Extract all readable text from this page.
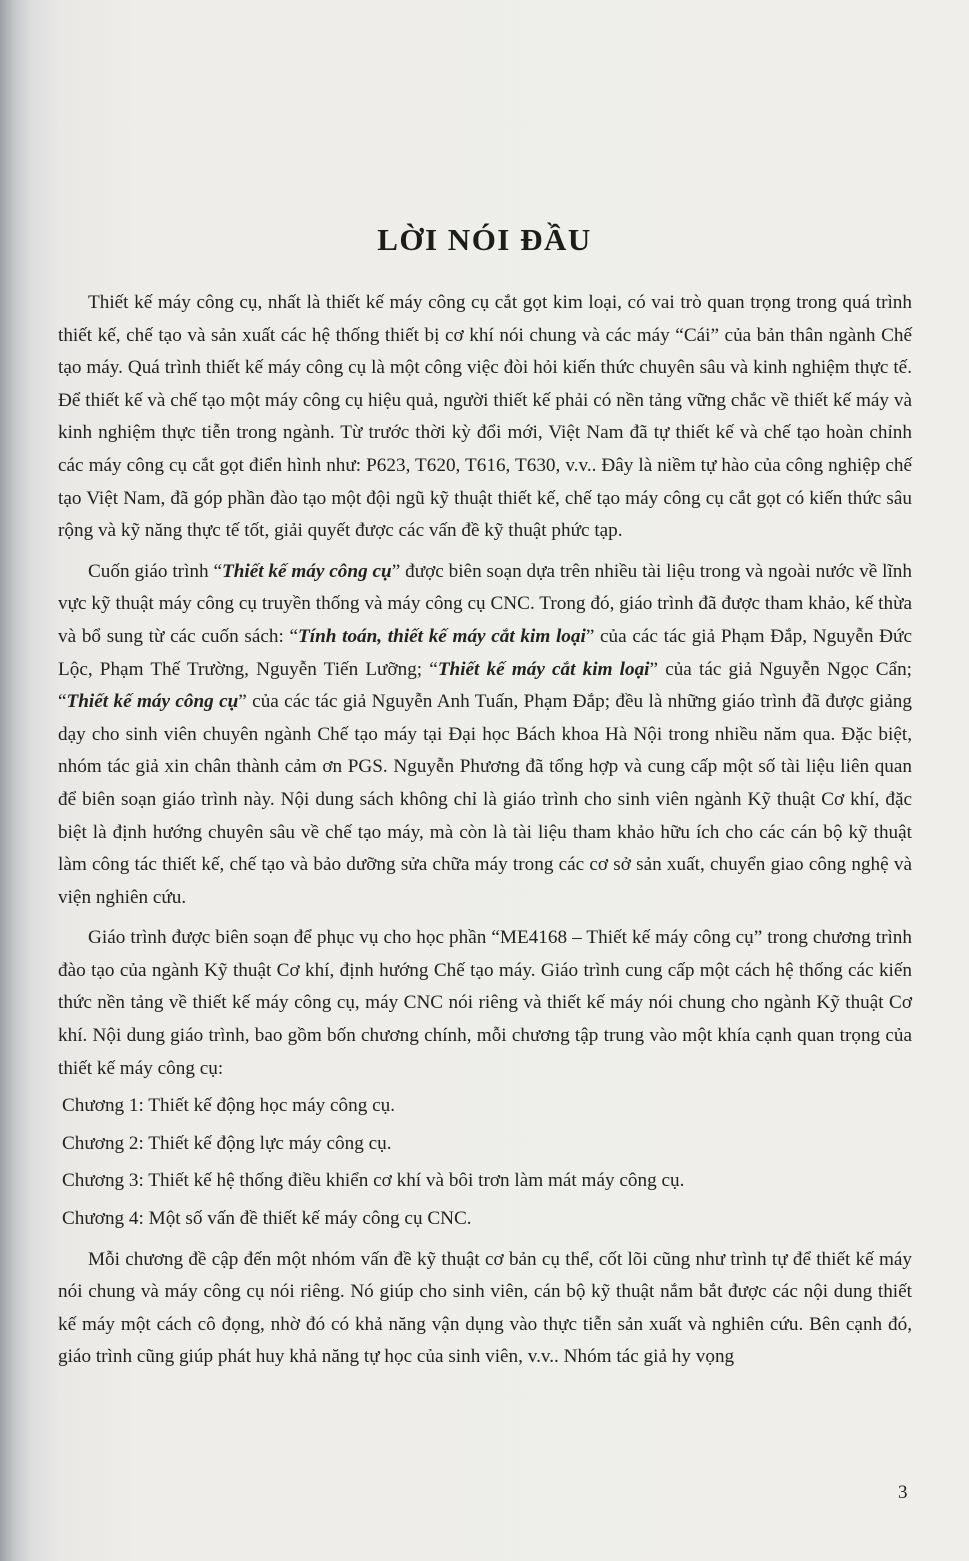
LỜI NÓI ĐẦU

Thiết kế máy công cụ, nhất là thiết kế máy công cụ cắt gọt kim loại, có vai trò quan trọng trong quá trình thiết kế, chế tạo và sản xuất các hệ thống thiết bị cơ khí nói chung và các máy “Cái” của bản thân ngành Chế tạo máy. Quá trình thiết kế máy công cụ là một công việc đòi hỏi kiến thức chuyên sâu và kinh nghiệm thực tế. Để thiết kế và chế tạo một máy công cụ hiệu quả, người thiết kế phải có nền tảng vững chắc về thiết kế máy và kinh nghiệm thực tiễn trong ngành. Từ trước thời kỳ đổi mới, Việt Nam đã tự thiết kế và chế tạo hoàn chỉnh các máy công cụ cắt gọt điển hình như: P623, T620, T616, T630, v.v.. Đây là niềm tự hào của công nghiệp chế tạo Việt Nam, đã góp phần đào tạo một đội ngũ kỹ thuật thiết kế, chế tạo máy công cụ cắt gọt có kiến thức sâu rộng và kỹ năng thực tế tốt, giải quyết được các vấn đề kỹ thuật phức tạp.

Cuốn giáo trình “Thiết kế máy công cụ” được biên soạn dựa trên nhiều tài liệu trong và ngoài nước về lĩnh vực kỹ thuật máy công cụ truyền thống và máy công cụ CNC. Trong đó, giáo trình đã được tham khảo, kế thừa và bổ sung từ các cuốn sách: “Tính toán, thiết kế máy cắt kim loại” của các tác giả Phạm Đắp, Nguyễn Đức Lộc, Phạm Thế Trường, Nguyễn Tiến Lưỡng; “Thiết kế máy cắt kim loại” của tác giả Nguyễn Ngọc Cẩn; “Thiết kế máy công cụ” của các tác giả Nguyễn Anh Tuấn, Phạm Đắp; đều là những giáo trình đã được giảng dạy cho sinh viên chuyên ngành Chế tạo máy tại Đại học Bách khoa Hà Nội trong nhiều năm qua. Đặc biệt, nhóm tác giả xin chân thành cảm ơn PGS. Nguyễn Phương đã tổng hợp và cung cấp một số tài liệu liên quan để biên soạn giáo trình này. Nội dung sách không chỉ là giáo trình cho sinh viên ngành Kỹ thuật Cơ khí, đặc biệt là định hướng chuyên sâu về chế tạo máy, mà còn là tài liệu tham khảo hữu ích cho các cán bộ kỹ thuật làm công tác thiết kế, chế tạo và bảo dưỡng sửa chữa máy trong các cơ sở sản xuất, chuyển giao công nghệ và viện nghiên cứu.

Giáo trình được biên soạn để phục vụ cho học phần “ME4168 – Thiết kế máy công cụ” trong chương trình đào tạo của ngành Kỹ thuật Cơ khí, định hướng Chế tạo máy. Giáo trình cung cấp một cách hệ thống các kiến thức nền tảng về thiết kế máy công cụ, máy CNC nói riêng và thiết kế máy nói chung cho ngành Kỹ thuật Cơ khí. Nội dung giáo trình, bao gồm bốn chương chính, mỗi chương tập trung vào một khía cạnh quan trọng của thiết kế máy công cụ:

Chương 1: Thiết kế động học máy công cụ.

Chương 2: Thiết kế động lực máy công cụ.

Chương 3: Thiết kế hệ thống điều khiển cơ khí và bôi trơn làm mát máy công cụ.

Chương 4: Một số vấn đề thiết kế máy công cụ CNC.

Mỗi chương đề cập đến một nhóm vấn đề kỹ thuật cơ bản cụ thể, cốt lõi cũng như trình tự để thiết kế máy nói chung và máy công cụ nói riêng. Nó giúp cho sinh viên, cán bộ kỹ thuật nắm bắt được các nội dung thiết kế máy một cách cô đọng, nhờ đó có khả năng vận dụng vào thực tiễn sản xuất và nghiên cứu. Bên cạnh đó, giáo trình cũng giúp phát huy khả năng tự học của sinh viên, v.v.. Nhóm tác giả hy vọng

3
